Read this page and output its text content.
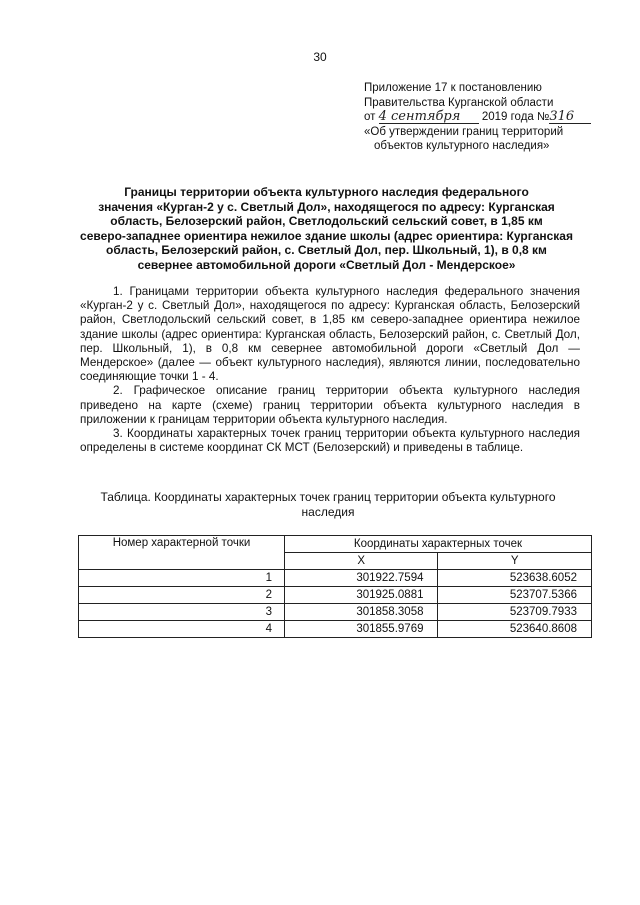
30
Приложение 17 к постановлению
Правительства Курганской области
от 4 сентября 2019 года №316
«Об утверждении границ территорий
объектов культурного наследия»
Границы территории объекта культурного наследия федерального
значения «Курган-2 у с. Светлый Дол», находящегося по адресу: Курганская
область, Белозерский район, Светлодольский сельский совет, в 1,85 км
северо-западнее ориентира нежилое здание школы (адрес ориентира: Курганская
область, Белозерский район, с. Светлый Дол, пер. Школьный, 1), в 0,8 км
севернее автомобильной дороги «Светлый Дол - Мендерское»

1. Границами территории объекта культурного наследия федерального значения «Курган-2 у с. Светлый Дол», находящегося по адресу: Курганская область, Белозерский район, Светлодольский сельский совет, в 1,85 км северо-западнее ориентира нежилое здание школы (адрес ориентира: Курганская область, Белозерский район, с. Светлый Дол, пер. Школьный, 1), в 0,8 км севернее автомобильной дороги «Светлый Дол — Мендерское» (далее — объект культурного наследия), являются линии, последовательно соединяющие точки 1 - 4.

2. Графическое описание границ территории объекта культурного наследия приведено на карте (схеме) границ территории объекта культурного наследия в приложении к границам территории объекта культурного наследия.

3. Координаты характерных точек границ территории объекта культурного наследия определены в системе координат СК МСТ (Белозерский) и приведены в таблице.

Таблица. Координаты характерных точек границ территории объекта культурного наследия
Номер характерной точки	Координаты характерных точек	
	X	Y
1	301922.7594	523638.6052
2	301925.0881	523707.5366
3	301858.3058	523709.7933
4	301855.9769	523640.8608
